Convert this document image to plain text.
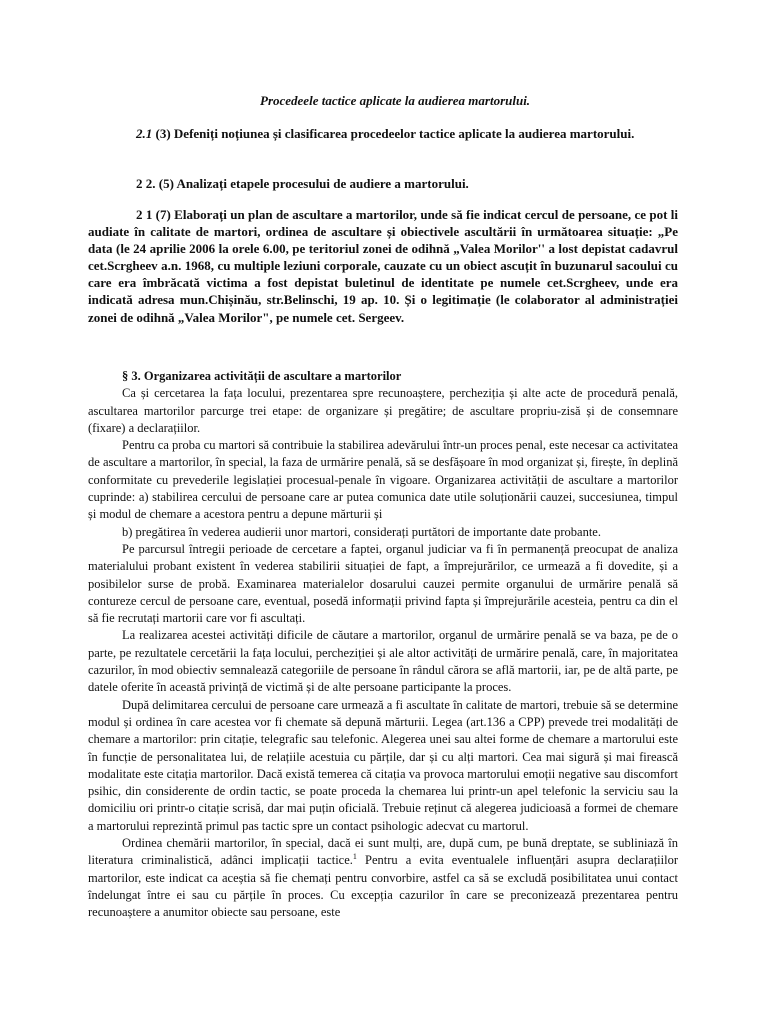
Procedeele tactice aplicate la audierea martorului.
2.1 (3) Defeniți noțiunea și clasificarea procedeelor tactice aplicate la audierea martorului.
2 2. (5) Analizați etapele procesului de audiere a martorului.
2 1 (7) Elaborați un plan de ascultare a martorilor, unde să fie indicat cercul de persoane, ce pot li audiate în calitate de martori, ordinea de ascultare și obiectivele ascultării în următoarea situație: „Pe data (le 24 aprilie 2006 la orele 6.00, pe teritoriul zonei de odihnă „Valea Morilor'' a lost depistat cadavrul cet.Scrgheev a.n. 1968, cu multiple leziuni corporale, cauzate cu un obiect ascuțit în buzunarul sacoului cu care era îmbrăcată victima a fost depistat buletinul de identitate pe numele cet.Scrgheev, unde era indicată adresa mun.Chișinău, str.Belinschi, 19 ap. 10. Și o legitimație (le colaborator al administrației zonei de odihnă „Valea Morilor", pe numele cet. Sergeev.

§ 3. Organizarea activității de ascultare a martorilor

Ca și cercetarea la fața locului, prezentarea spre recunoaștere, percheziția și alte acte de procedură penală, ascultarea martorilor parcurge trei etape: de organizare și pregătire; de ascultare propriu-zisă și de consemnare (fixare) a declarațiilor.

Pentru ca proba cu martori să contribuie la stabilirea adevărului într-un proces penal, este necesar ca activitatea de ascultare a martorilor, în special, la faza de urmărire penală, să se desfășoare în mod organizat și, firește, în deplină conformitate cu prevederile legislației procesual-penale în vigoare. Organizarea activității de ascultare a martorilor cuprinde: a) stabilirea cercului de persoane care ar putea comunica date utile soluționării cauzei, succesiunea, timpul și modul de chemare a acestora pentru a depune mărturii și

b) pregătirea în vederea audierii unor martori, considerați purtători de importante date probante.

Pe parcursul întregii perioade de cercetare a faptei, organul judiciar va fi în permanență preocupat de analiza materialului probant existent în vederea stabilirii situației de fapt, a împrejurărilor, ce urmează a fi dovedite, și a posibilelor surse de probă. Examinarea materialelor dosarului cauzei permite organului de urmărire penală să contureze cercul de persoane care, eventual, posedă informații privind fapta și împrejurările acesteia, pentru ca din el să fie recrutați martorii care vor fi ascultați.

La realizarea acestei activități dificile de căutare a martorilor, organul de urmărire penală se va baza, pe de o parte, pe rezultatele cercetării la fața locului, percheziției și ale altor activități de urmărire penală, care, în majoritatea cazurilor, în mod obiectiv semnalează categoriile de persoane în rândul cărora se află martorii, iar, pe de altă parte, pe datele oferite în această privință de victimă și de alte persoane participante la proces.

După delimitarea cercului de persoane care urmează a fi ascultate în calitate de martori, trebuie să se determine modul și ordinea în care acestea vor fi chemate să depună mărturii. Legea (art.136 a CPP) prevede trei modalități de chemare a martorilor: prin citație, telegrafic sau telefonic. Alegerea unei sau altei forme de chemare a martorului este în funcție de personalitatea lui, de relațiile acestuia cu părțile, dar și cu alți martori. Cea mai sigură și mai firească modalitate este citația martorilor. Dacă există temerea că citația va provoca martorului emoții negative sau discomfort psihic, din considerente de ordin tactic, se poate proceda la chemarea lui printr-un apel telefonic la serviciu sau la domiciliu ori printr-o citație scrisă, dar mai puțin oficială. Trebuie reținut că alegerea judicioasă a formei de chemare a martorului reprezintă primul pas tactic spre un contact psihologic adecvat cu martorul.

Ordinea chemării martorilor, în special, dacă ei sunt mulți, are, după cum, pe bună dreptate, se subliniază în literatura criminalistică, adânci implicații tactice.$^1$ Pentru a evita eventualele influențări asupra declarațiilor martorilor, este indicat ca aceștia să fie chemați pentru convorbire, astfel ca să se excludă posibilitatea unui contact îndelungat între ei sau cu părțile în proces. Cu excepția cazurilor în care se preconizează prezentarea pentru recunoaștere a anumitor obiecte sau persoane, este
